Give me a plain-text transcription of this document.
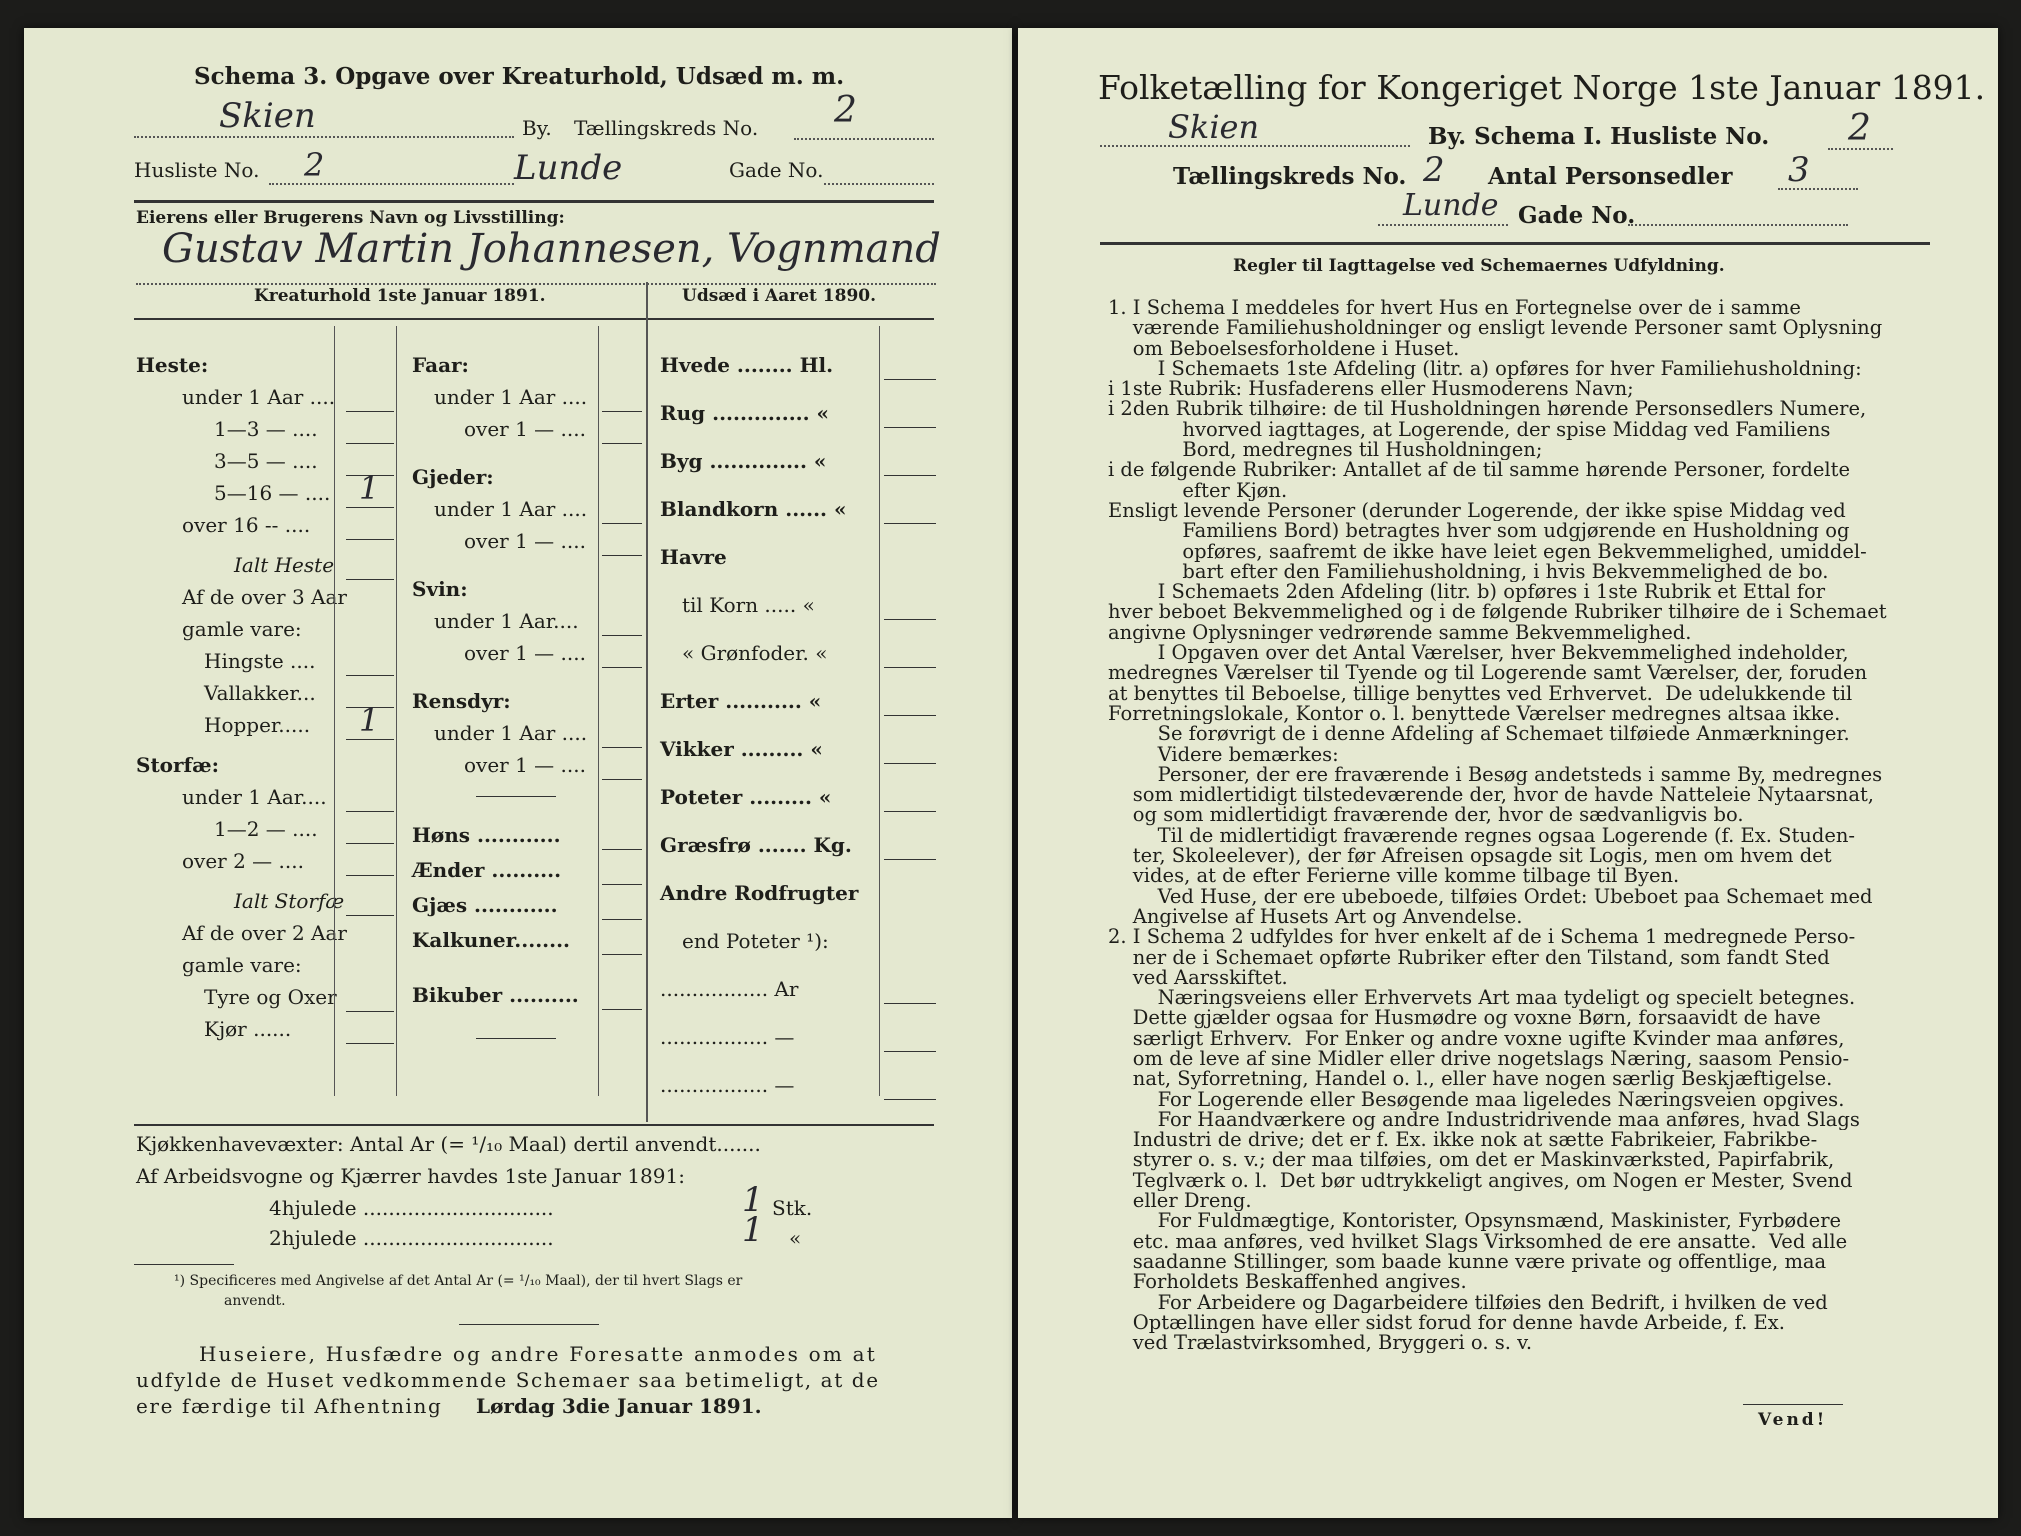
Schema 3. Opgave over Kreaturhold, Udsæd m. m.
Skien	By. Tællingskreds No. 2
Husliste No. 2	Lunde	Gade No.
Eierens eller Brugerens Navn og Livsstilling:
Gustav Martin Johannesen, Vognmand
Kreaturhold 1ste Januar 1891.	Udsæd i Aaret 1890.
Heste:
under 1 Aar ....
1—3 — ....
3—5 — ....
5—16 — .... 1
over 16 -- ....
Ialt Heste
Af de over 3 Aar
gamle vare:
Hingste ....
Vallakker...
Hopper..... 1
Storfæ:
under 1 Aar....
1—2 — ....
over 2 — ....
Ialt Storfæ
Af de over 2 Aar
gamle vare:
Tyre og Oxer
Kjør ......
Faar:
under 1 Aar ....
over 1 — ....
Gjeder:
under 1 Aar ....
over 1 — ....
Svin:
under 1 Aar....
over 1 — ....
Rensdyr:
under 1 Aar ....
over 1 — ....
Høns ............
Ænder ..........
Gjæs ............
Kalkuner........
Bikuber ..........
Hvede ........ Hl.
Rug .............. «
Byg .............. «
Blandkorn ...... «
Havre
til Korn ..... «
« Grønfoder. «
Erter ........... «
Vikker ......... «
Poteter ......... «
Græsfrø ....... Kg.
Andre Rodfrugter
end Poteter ¹):
................. Ar
................. —
................. —
Kjøkkenhavevæxter: Antal Ar (= ¹/₁₀ Maal) dertil anvendt.......
Af Arbeidsvogne og Kjærrer havdes 1ste Januar 1891:
4hjulede ..............................	1 Stk.
2hjulede ..............................	1 «
¹) Specificeres med Angivelse af det Antal Ar (= ¹/₁₀ Maal), der til hvert Slags er
anvendt.
Huseiere, Husfædre og andre Foresatte anmodes om at
udfylde de Huset vedkommende Schemaer saa betimeligt, at de
ere færdige til Afhentning Lørdag 3die Januar 1891.
Folketælling for Kongeriget Norge 1ste Januar 1891.
Skien	By. Schema I. Husliste No. 2
Tællingskreds No. 2 Antal Personsedler 3
Lunde Gade No.
Regler til Iagttagelse ved Schemaernes Udfyldning.
1. I Schema I meddeles for hvert Hus en Fortegnelse over de i samme
værende Familiehusholdninger og ensligt levende Personer samt Oplysning
om Beboelsesforholdene i Huset.
I Schemaets 1ste Afdeling (litr. a) opføres for hver Familiehusholdning:
i 1ste Rubrik: Husfaderens eller Husmoderens Navn;
i 2den Rubrik tilhøire: de til Husholdningen hørende Personsedlers Numere,
hvorved iagttages, at Logerende, der spise Middag ved Familiens
Bord, medregnes til Husholdningen;
i de følgende Rubriker: Antallet af de til samme hørende Personer, fordelte
efter Kjøn.
Ensligt levende Personer (derunder Logerende, der ikke spise Middag ved
Familiens Bord) betragtes hver som udgjørende en Husholdning og
opføres, saafremt de ikke have leiet egen Bekvemmelighed, umiddel-
bart efter den Familiehusholdning, i hvis Bekvemmelighed de bo.
I Schemaets 2den Afdeling (litr. b) opføres i 1ste Rubrik et Ettal for
hver beboet Bekvemmelighed og i de følgende Rubriker tilhøire de i Schemaet
angivne Oplysninger vedrørende samme Bekvemmelighed.
I Opgaven over det Antal Værelser, hver Bekvemmelighed indeholder,
medregnes Værelser til Tyende og til Logerende samt Værelser, der, foruden
at benyttes til Beboelse, tillige benyttes ved Erhvervet.  De udelukkende til
Forretningslokale, Kontor o. l. benyttede Værelser medregnes altsaa ikke.
Se forøvrigt de i denne Afdeling af Schemaet tilføiede Anmærkninger.
Videre bemærkes:
Personer, der ere fraværende i Besøg andetsteds i samme By, medregnes
som midlertidigt tilstedeværende der, hvor de havde Natteleie Nytaarsnat,
og som midlertidigt fraværende der, hvor de sædvanligvis bo.
Til de midlertidigt fraværende regnes ogsaa Logerende (f. Ex. Studen-
ter, Skoleelever), der før Afreisen opsagde sit Logis, men om hvem det
vides, at de efter Ferierne ville komme tilbage til Byen.
Ved Huse, der ere ubeboede, tilføies Ordet: Ubeboet paa Schemaet med
Angivelse af Husets Art og Anvendelse.
2. I Schema 2 udfyldes for hver enkelt af de i Schema 1 medregnede Perso-
ner de i Schemaet opførte Rubriker efter den Tilstand, som fandt Sted
ved Aarsskiftet.
Næringsveiens eller Erhvervets Art maa tydeligt og specielt betegnes.
Dette gjælder ogsaa for Husmødre og voxne Børn, forsaavidt de have
særligt Erhverv.  For Enker og andre voxne ugifte Kvinder maa anføres,
om de leve af sine Midler eller drive nogetslags Næring, saasom Pensio-
nat, Syforretning, Handel o. l., eller have nogen særlig Beskjæftigelse.
For Logerende eller Besøgende maa ligeledes Næringsveien opgives.
For Haandværkere og andre Industridrivende maa anføres, hvad Slags
Industri de drive; det er f. Ex. ikke nok at sætte Fabrikeier, Fabrikbe-
styrer o. s. v.; der maa tilføies, om det er Maskinværksted, Papirfabrik,
Teglværk o. l.  Det bør udtrykkeligt angives, om Nogen er Mester, Svend
eller Dreng.
For Fuldmægtige, Kontorister, Opsynsmænd, Maskinister, Fyrbødere
etc. maa anføres, ved hvilket Slags Virksomhed de ere ansatte.  Ved alle
saadanne Stillinger, som baade kunne være private og offentlige, maa
Forholdets Beskaffenhed angives.
For Arbeidere og Dagarbeidere tilføies den Bedrift, i hvilken de ved
Optællingen have eller sidst forud for denne havde Arbeide, f. Ex.
ved Trælastvirksomhed, Bryggeri o. s. v.
Vend!
